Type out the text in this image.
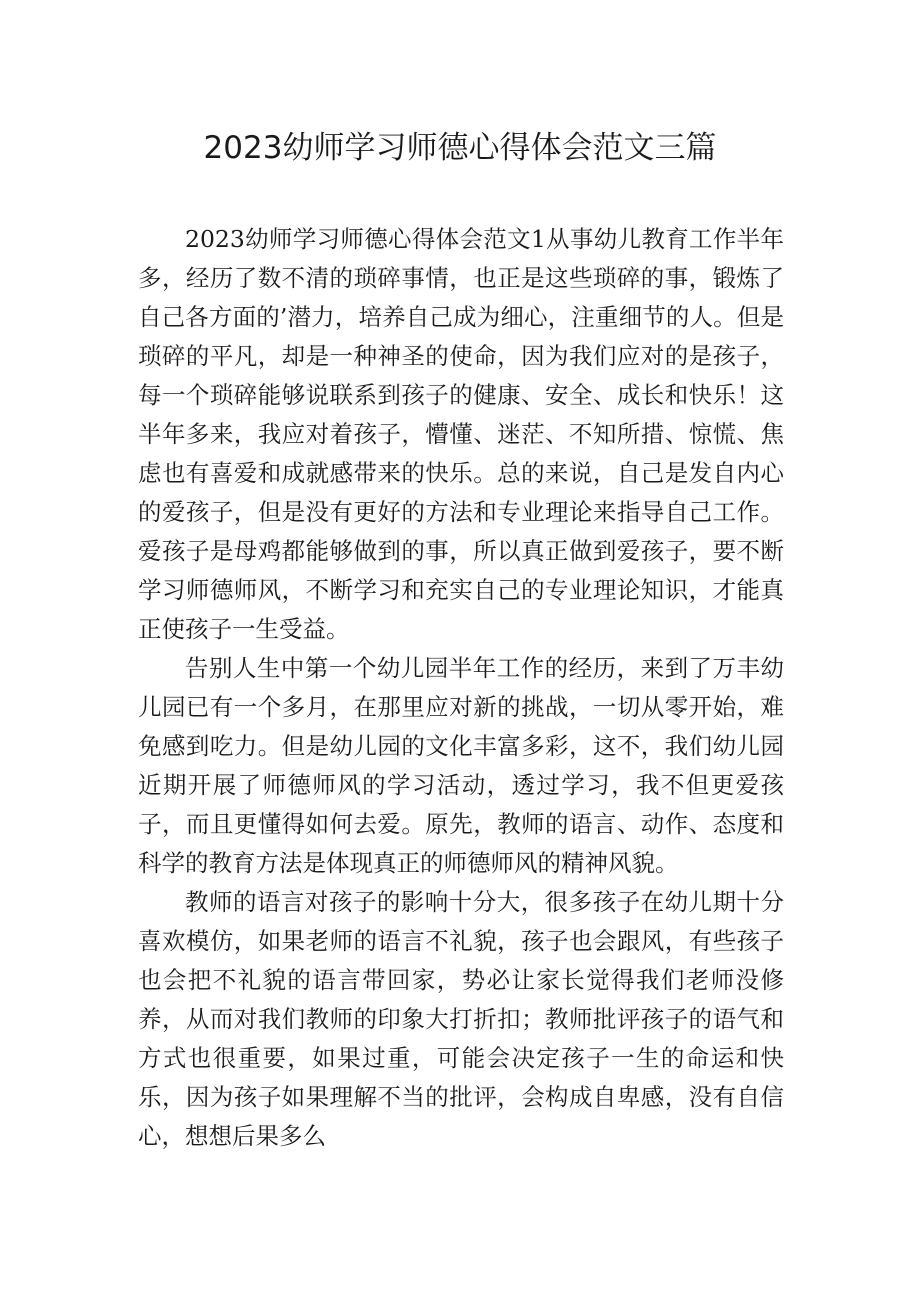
2023幼师学习师德心得体会范文三篇

2023幼师学习师德心得体会范文1从事幼儿教育工作半年多，经历了数不清的琐碎事情，也正是这些琐碎的事，锻炼了自己各方面的’潜力，培养自己成为细心，注重细节的人。但是琐碎的平凡，却是一种神圣的使命，因为我们应对的是孩子，每一个琐碎能够说联系到孩子的健康、安全、成长和快乐！这半年多来，我应对着孩子，懵懂、迷茫、不知所措、惊慌、焦虑也有喜爱和成就感带来的快乐。总的来说，自己是发自内心的爱孩子，但是没有更好的方法和专业理论来指导自己工作。爱孩子是母鸡都能够做到的事，所以真正做到爱孩子，要不断学习师德师风，不断学习和充实自己的专业理论知识，才能真正使孩子一生受益。

告别人生中第一个幼儿园半年工作的经历，来到了万丰幼儿园已有一个多月，在那里应对新的挑战，一切从零开始，难免感到吃力。但是幼儿园的文化丰富多彩，这不，我们幼儿园近期开展了师德师风的学习活动，透过学习，我不但更爱孩子，而且更懂得如何去爱。原先，教师的语言、动作、态度和科学的教育方法是体现真正的师德师风的精神风貌。

教师的语言对孩子的影响十分大，很多孩子在幼儿期十分喜欢模仿，如果老师的语言不礼貌，孩子也会跟风，有些孩子也会把不礼貌的语言带回家，势必让家长觉得我们老师没修养，从而对我们教师的印象大打折扣；教师批评孩子的语气和方式也很重要，如果过重，可能会决定孩子一生的命运和快乐，因为孩子如果理解不当的批评，会构成自卑感，没有自信心，想想后果多么
